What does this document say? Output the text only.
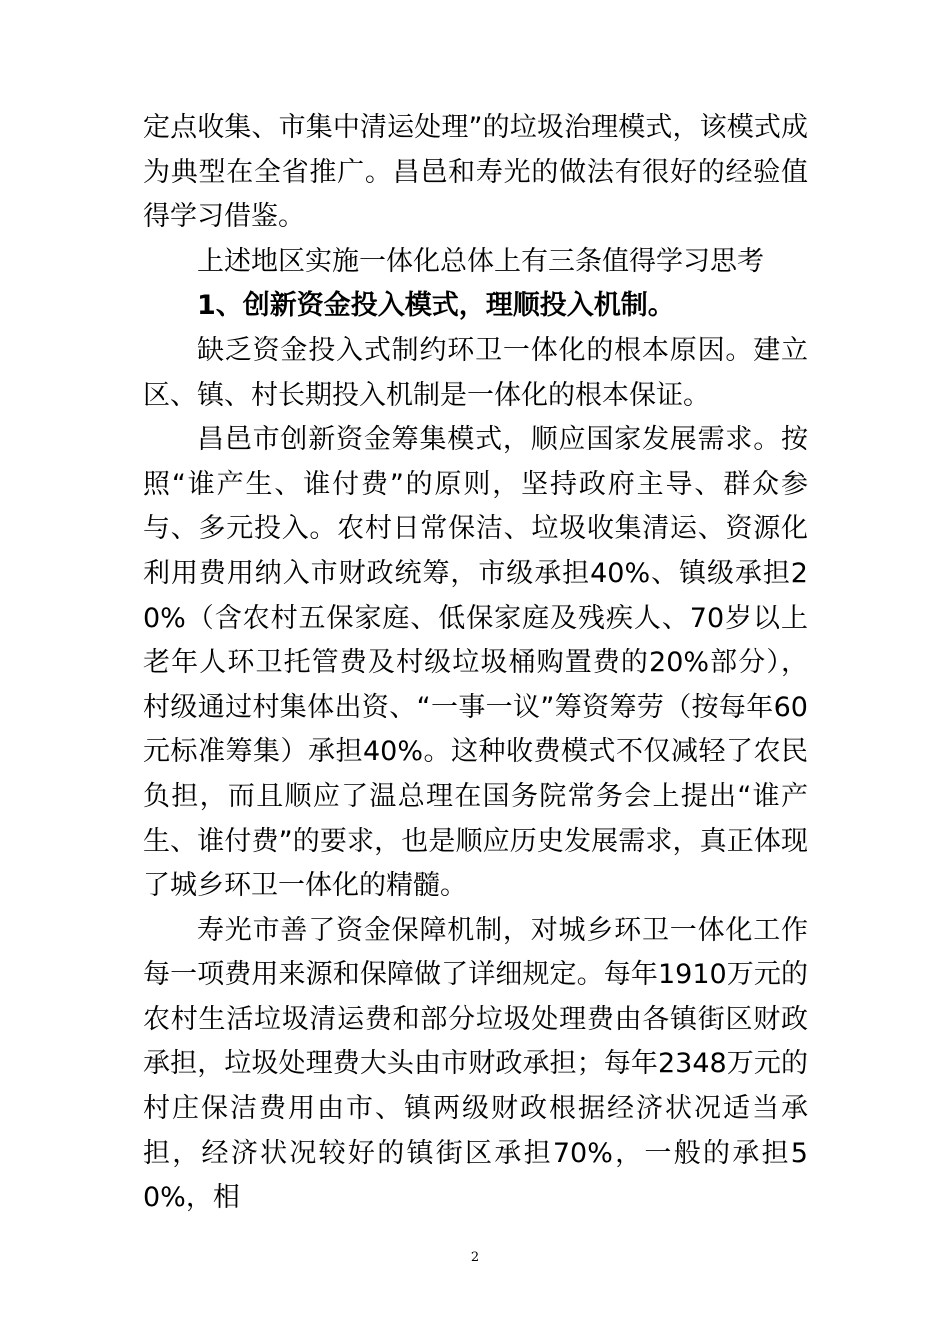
定点收集、市集中清运处理”的垃圾治理模式，该模式成为典型在全省推广。昌邑和寿光的做法有很好的经验值得学习借鉴。

上述地区实施一体化总体上有三条值得学习思考

1、创新资金投入模式，理顺投入机制。

缺乏资金投入式制约环卫一体化的根本原因。建立区、镇、村长期投入机制是一体化的根本保证。

昌邑市创新资金筹集模式，顺应国家发展需求。按照“谁产生、谁付费”的原则，坚持政府主导、群众参与、多元投入。农村日常保洁、垃圾收集清运、资源化利用费用纳入市财政统筹，市级承担40%、镇级承担20%（含农村五保家庭、低保家庭及残疾人、70岁以上老年人环卫托管费及村级垃圾桶购置费的20%部分），村级通过村集体出资、“一事一议”筹资筹劳（按每年60元标准筹集）承担40%。这种收费模式不仅减轻了农民负担，而且顺应了温总理在国务院常务会上提出“谁产生、谁付费”的要求，也是顺应历史发展需求，真正体现了城乡环卫一体化的精髓。

寿光市善了资金保障机制，对城乡环卫一体化工作每一项费用来源和保障做了详细规定。每年1910万元的农村生活垃圾清运费和部分垃圾处理费由各镇街区财政承担，垃圾处理费大头由市财政承担；每年2348万元的村庄保洁费用由市、镇两级财政根据经济状况适当承担，经济状况较好的镇街区承担70%，一般的承担50%，相

2
